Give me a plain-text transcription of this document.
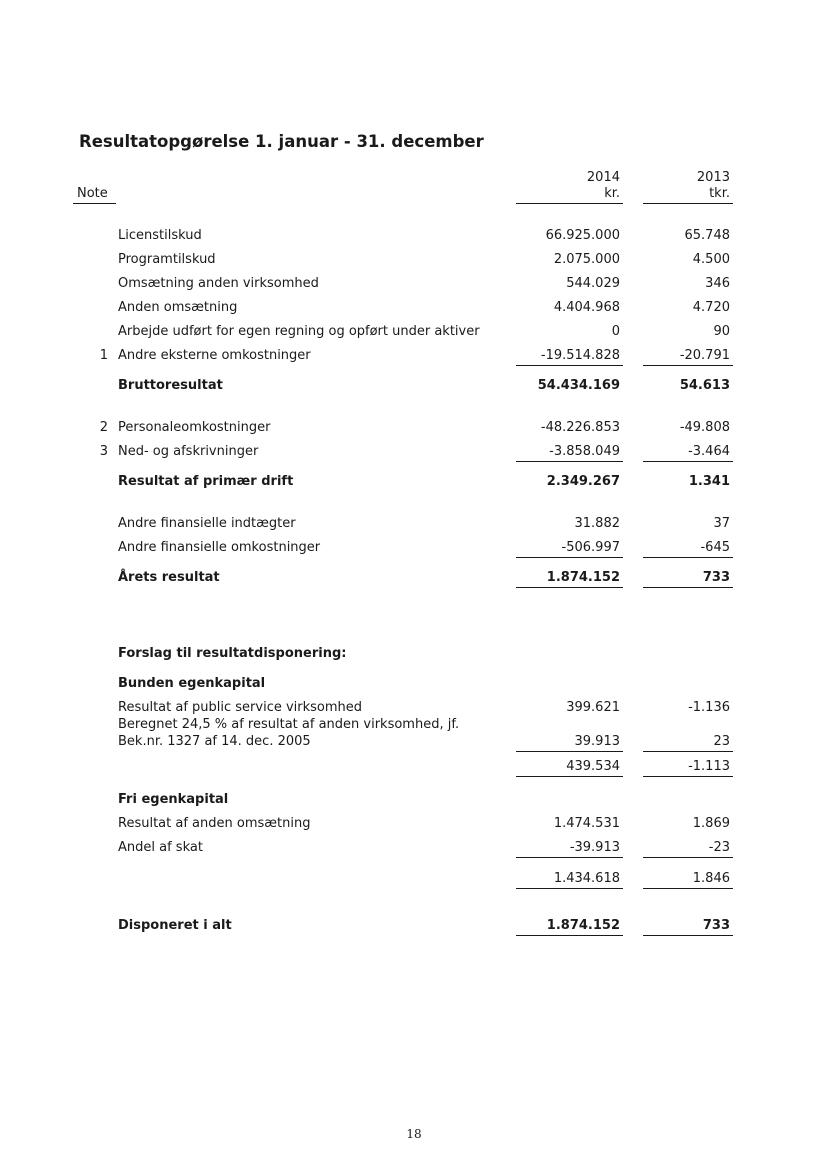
Resultatopgørelse 1. januar - 31. december
2014
kr.
2013
tkr.
Note
Licenstilskud	66.925.000	65.748
Programtilskud	2.075.000	4.500
Omsætning anden virksomhed	544.029	346
Anden omsætning	4.404.968	4.720
Arbejde udført for egen regning og opført under aktiver	0	90
1 Andre eksterne omkostninger	-19.514.828	-20.791
Bruttoresultat	54.434.169	54.613
2 Personaleomkostninger	-48.226.853	-49.808
3 Ned- og afskrivninger	-3.858.049	-3.464
Resultat af primær drift	2.349.267	1.341
Andre finansielle indtægter	31.882	37
Andre finansielle omkostninger	-506.997	-645
Årets resultat	1.874.152	733
Forslag til resultatdisponering:
Bunden egenkapital
Resultat af public service virksomhed	399.621	-1.136
Beregnet 24,5 % af resultat af anden virksomhed, jf.
Bek.nr. 1327 af 14. dec. 2005	39.913	23
439.534	-1.113
Fri egenkapital
Resultat af anden omsætning	1.474.531	1.869
Andel af skat	-39.913	-23
1.434.618	1.846
Disponeret i alt	1.874.152	733
18
